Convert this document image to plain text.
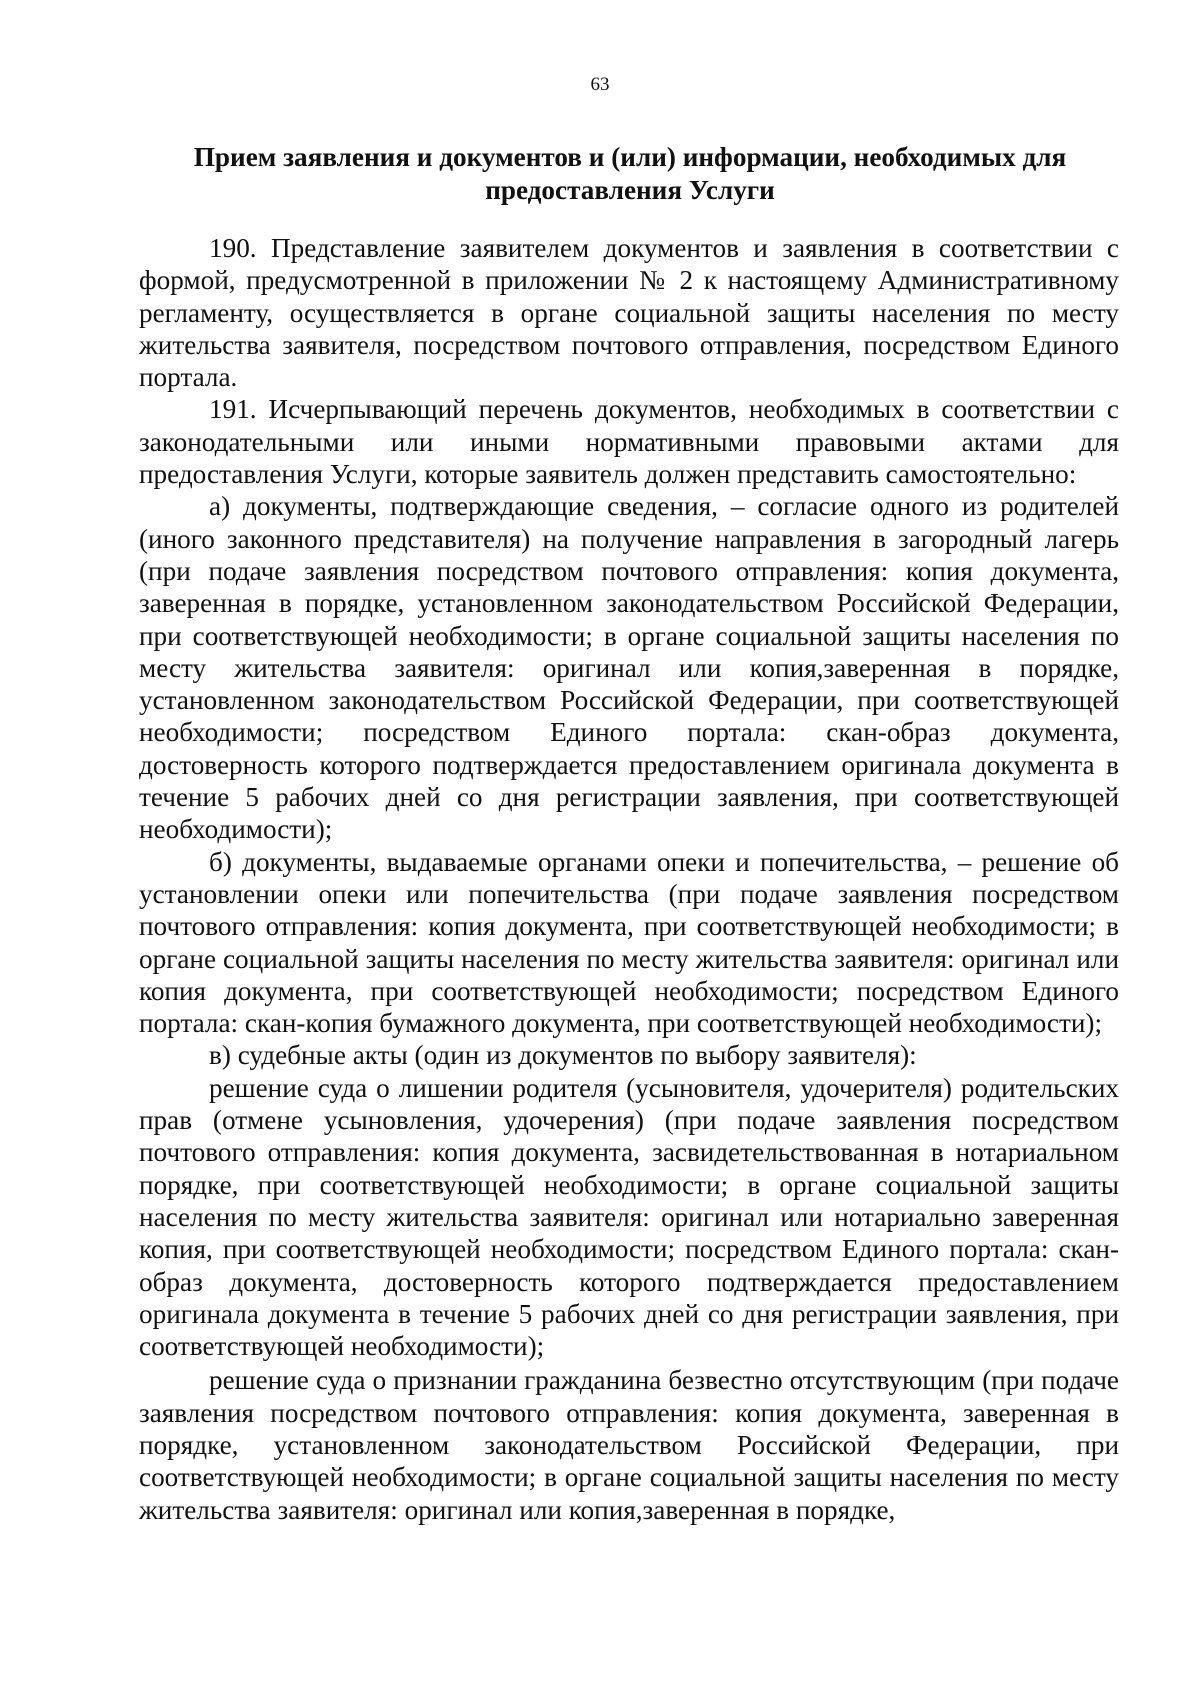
63

Прием заявления и документов и (или) информации, необходимых для

предоставления Услуги

190. Представление заявителем документов и заявления в соответствии с формой, предусмотренной в приложении № 2 к настоящему Административному регламенту, осуществляется в органе социальной защиты населения по месту жительства заявителя, посредством почтового отправления, посредством Единого портала.

191. Исчерпывающий перечень документов, необходимых в соответствии с законодательными или иными нормативными правовыми актами для предоставления Услуги, которые заявитель должен представить самостоятельно:

а) документы, подтверждающие сведения, – согласие одного из родителей (иного законного представителя) на получение направления в загородный лагерь (при подаче заявления посредством почтового отправления: копия документа, заверенная в порядке, установленном законодательством Российской Федерации, при соответствующей необходимости; в органе социальной защиты населения по месту жительства заявителя: оригинал или копия,заверенная в порядке, установленном законодательством Российской Федерации, при соответствующей необходимости; посредством Единого портала: скан-образ документа, достоверность которого подтверждается предоставлением оригинала документа в течение 5 рабочих дней со дня регистрации заявления, при соответствующей необходимости);

б) документы, выдаваемые органами опеки и попечительства, – решение об установлении опеки или попечительства (при подаче заявления посредством почтового отправления: копия документа, при соответствующей необходимости; в органе социальной защиты населения по месту жительства заявителя: оригинал или копия документа, при соответствующей необходимости; посредством Единого портала: скан-копия бумажного документа, при соответствующей необходимости);

в) судебные акты (один из документов по выбору заявителя):

решение суда о лишении родителя (усыновителя, удочерителя) родительских прав (отмене усыновления, удочерения) (при подаче заявления посредством почтового отправления: копия документа, засвидетельствованная в нотариальном порядке, при соответствующей необходимости; в органе социальной защиты населения по месту жительства заявителя: оригинал или нотариально заверенная копия, при соответствующей необходимости; посредством Единого портала: скан-образ документа, достоверность которого подтверждается предоставлением оригинала документа в течение 5 рабочих дней со дня регистрации заявления, при соответствующей необходимости);

решение суда о признании гражданина безвестно отсутствующим (при подаче заявления посредством почтового отправления: копия документа, заверенная в порядке, установленном законодательством Российской Федерации, при соответствующей необходимости; в органе социальной защиты населения по месту жительства заявителя: оригинал или копия,заверенная в порядке,
